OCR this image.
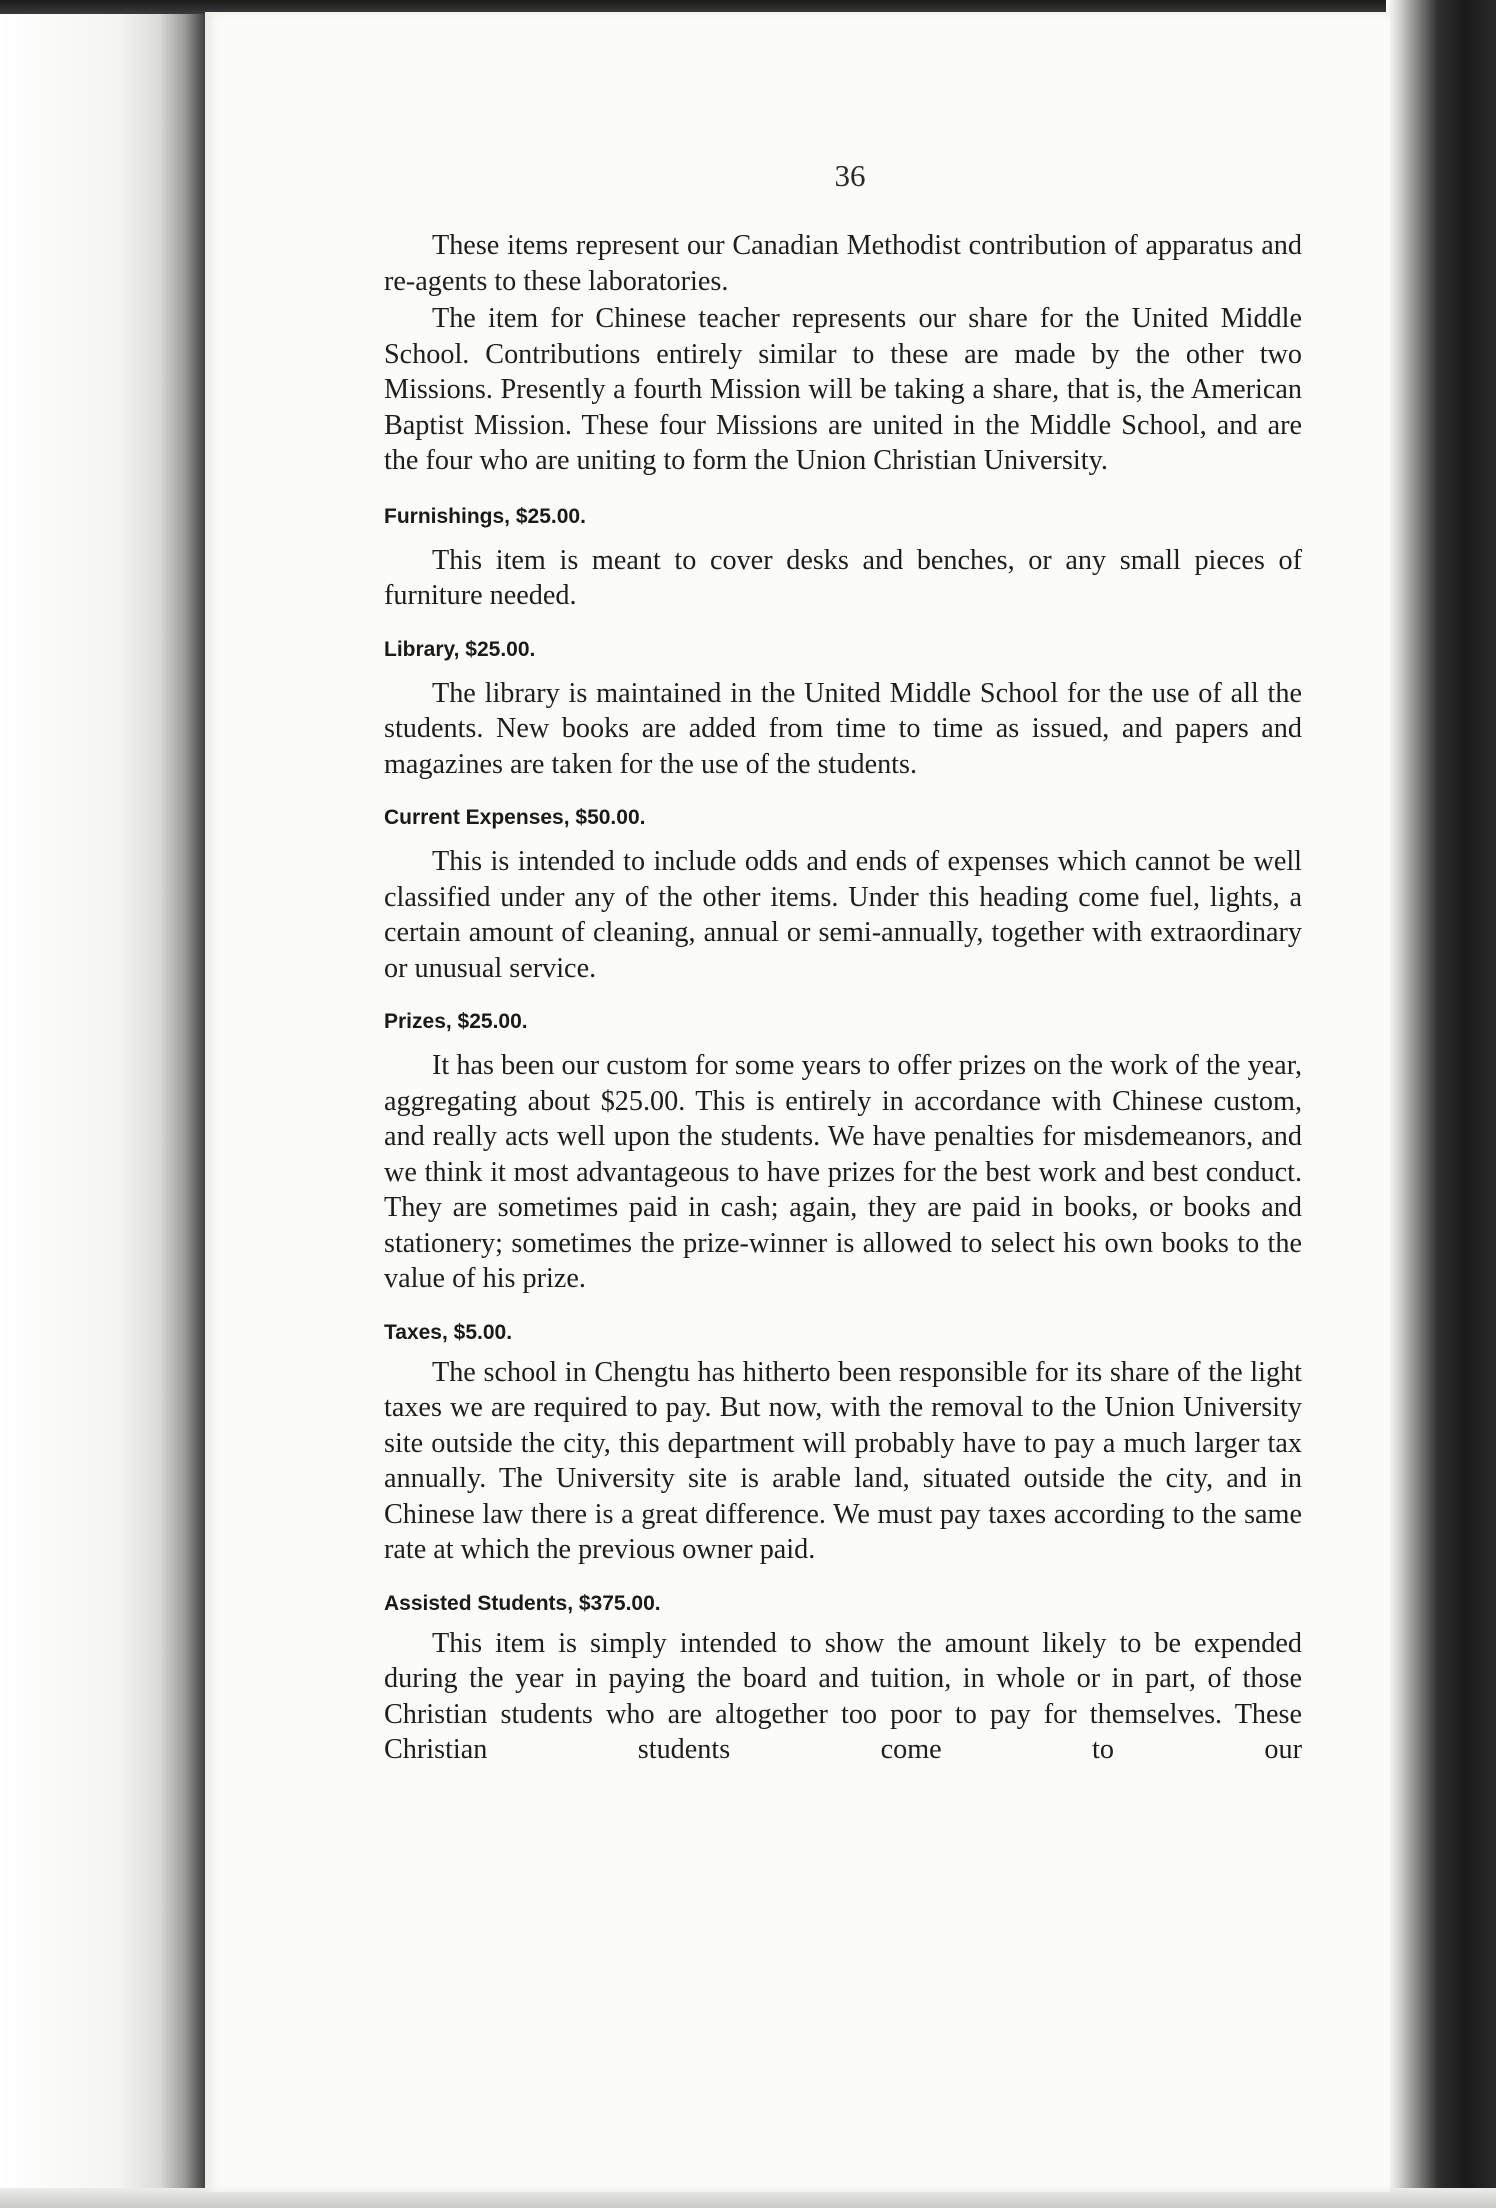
36

These items represent our Canadian Methodist contribution of apparatus and re-agents to these laboratories.

The item for Chinese teacher represents our share for the United Middle School. Contributions entirely similar to these are made by the other two Missions. Presently a fourth Mission will be taking a share, that is, the American Baptist Mission. These four Missions are united in the Middle School, and are the four who are uniting to form the Union Christian University.

Furnishings, $25.00.

This item is meant to cover desks and benches, or any small pieces of furniture needed.

Library, $25.00.

The library is maintained in the United Middle School for the use of all the students. New books are added from time to time as issued, and papers and magazines are taken for the use of the students.

Current Expenses, $50.00.

This is intended to include odds and ends of expenses which cannot be well classified under any of the other items. Under this heading come fuel, lights, a certain amount of cleaning, annual or semi-annually, together with extraordinary or unusual service.

Prizes, $25.00.

It has been our custom for some years to offer prizes on the work of the year, aggregating about $25.00. This is entirely in accordance with Chinese custom, and really acts well upon the students. We have penalties for misdemeanors, and we think it most advantageous to have prizes for the best work and best conduct. They are sometimes paid in cash; again, they are paid in books, or books and stationery; sometimes the prize-winner is allowed to select his own books to the value of his prize.

Taxes, $5.00.

The school in Chengtu has hitherto been responsible for its share of the light taxes we are required to pay. But now, with the removal to the Union University site outside the city, this department will probably have to pay a much larger tax annually. The University site is arable land, situated outside the city, and in Chinese law there is a great difference. We must pay taxes according to the same rate at which the previous owner paid.

Assisted Students, $375.00.

This item is simply intended to show the amount likely to be expended during the year in paying the board and tuition, in whole or in part, of those Christian students who are altogether too poor to pay for themselves. These Christian students come to our
